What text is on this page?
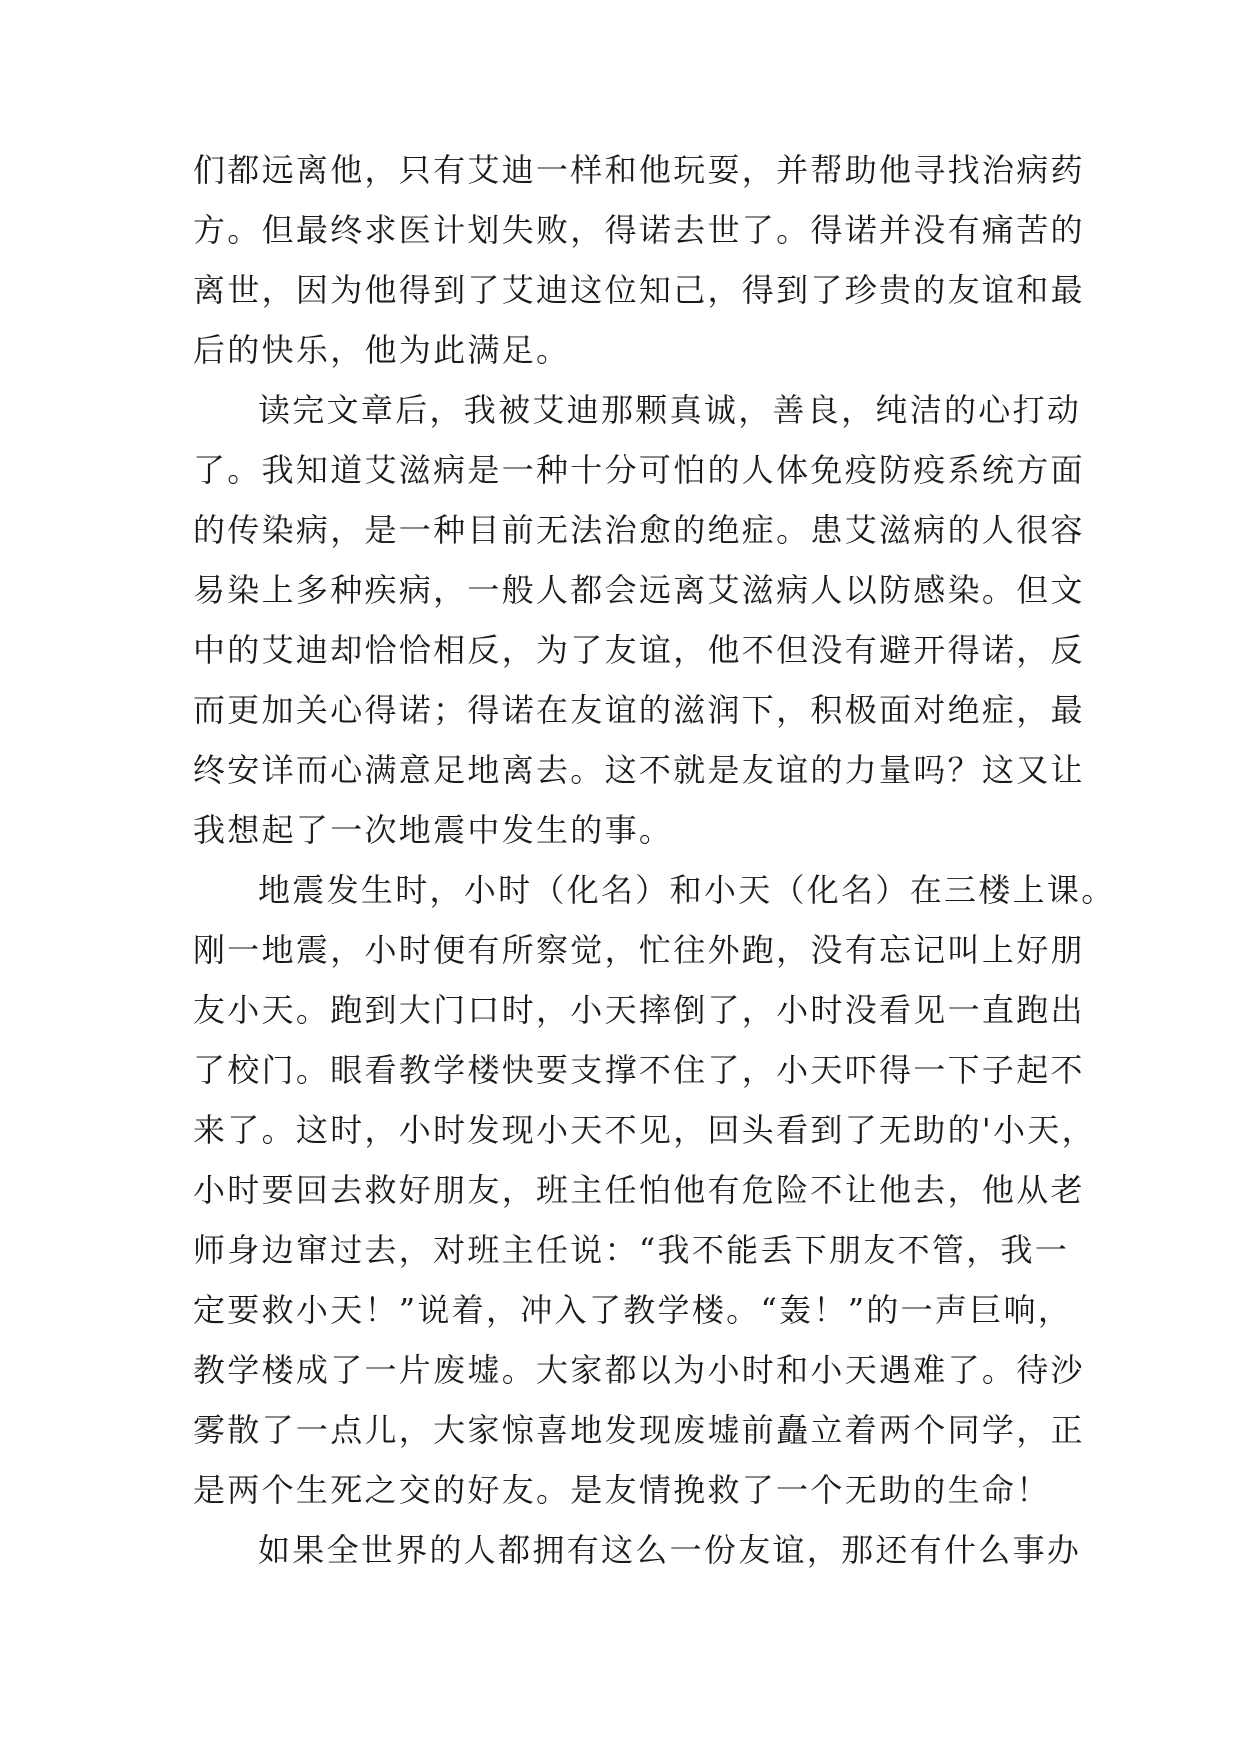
们都远离他，只有艾迪一样和他玩耍，并帮助他寻找治病药
方。但最终求医计划失败，得诺去世了。得诺并没有痛苦的
离世，因为他得到了艾迪这位知己，得到了珍贵的友谊和最
后的快乐，他为此满足。
读完文章后，我被艾迪那颗真诚，善良，纯洁的心打动
了。我知道艾滋病是一种十分可怕的人体免疫防疫系统方面
的传染病，是一种目前无法治愈的绝症。患艾滋病的人很容
易染上多种疾病，一般人都会远离艾滋病人以防感染。但文
中的艾迪却恰恰相反，为了友谊，他不但没有避开得诺，反
而更加关心得诺；得诺在友谊的滋润下，积极面对绝症，最
终安详而心满意足地离去。这不就是友谊的力量吗？这又让
我想起了一次地震中发生的事。
地震发生时，小时（化名）和小天（化名）在三楼上课。
刚一地震，小时便有所察觉，忙往外跑，没有忘记叫上好朋
友小天。跑到大门口时，小天摔倒了，小时没看见一直跑出
了校门。眼看教学楼快要支撑不住了，小天吓得一下子起不
来了。这时，小时发现小天不见，回头看到了无助的'小天，
小时要回去救好朋友，班主任怕他有危险不让他去，他从老
师身边窜过去，对班主任说：“我不能丢下朋友不管，我一
定要救小天！”说着，冲入了教学楼。“轰！”的一声巨响，
教学楼成了一片废墟。大家都以为小时和小天遇难了。待沙
雾散了一点儿，大家惊喜地发现废墟前矗立着两个同学，正
是两个生死之交的好友。是友情挽救了一个无助的生命！
如果全世界的人都拥有这么一份友谊，那还有什么事办
